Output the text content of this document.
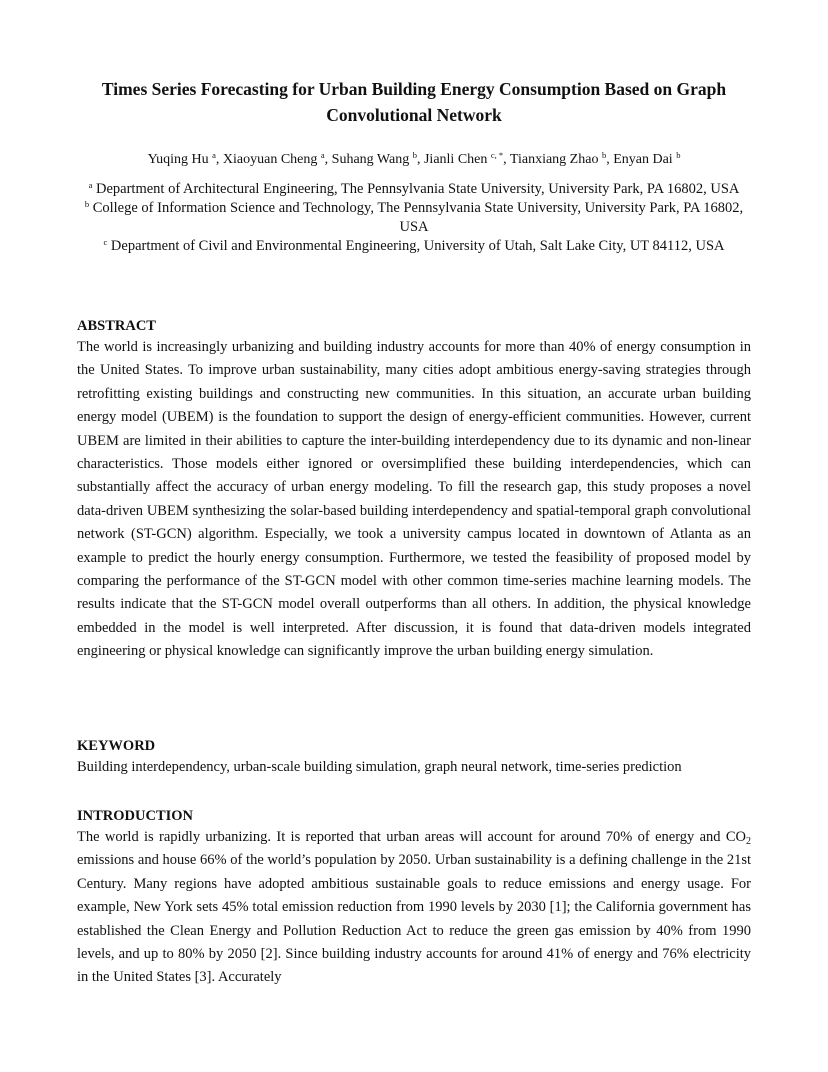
Times Series Forecasting for Urban Building Energy Consumption Based on Graph Convolutional Network
Yuqing Hu $^a$, Xiaoyuan Cheng $^a$, Suhang Wang $^b$, Jianli Chen $^{c, *}$, Tianxiang Zhao $^b$, Enyan Dai $^b$

$^a$ Department of Architectural Engineering, The Pennsylvania State University, University Park, PA 16802, USA

$^b$ College of Information Science and Technology, The Pennsylvania State University, University Park, PA 16802, USA

$^c$ Department of Civil and Environmental Engineering, University of Utah, Salt Lake City, UT 84112, USA

ABSTRACT

The world is increasingly urbanizing and building industry accounts for more than 40% of energy consumption in the United States. To improve urban sustainability, many cities adopt ambitious energy-saving strategies through retrofitting existing buildings and constructing new communities. In this situation, an accurate urban building energy model (UBEM) is the foundation to support the design of energy-efficient communities. However, current UBEM are limited in their abilities to capture the inter-building interdependency due to its dynamic and non-linear characteristics. Those models either ignored or oversimplified these building interdependencies, which can substantially affect the accuracy of urban energy modeling. To fill the research gap, this study proposes a novel data-driven UBEM synthesizing the solar-based building interdependency and spatial-temporal graph convolutional network (ST-GCN) algorithm. Especially, we took a university campus located in downtown of Atlanta as an example to predict the hourly energy consumption. Furthermore, we tested the feasibility of proposed model by comparing the performance of the ST-GCN model with other common time-series machine learning models. The results indicate that the ST-GCN model overall outperforms than all others. In addition, the physical knowledge embedded in the model is well interpreted. After discussion, it is found that data-driven models integrated engineering or physical knowledge can significantly improve the urban building energy simulation.

KEYWORD

Building interdependency, urban-scale building simulation, graph neural network, time-series prediction

INTRODUCTION

The world is rapidly urbanizing. It is reported that urban areas will account for around 70% of energy and $CO_2$ emissions and house 66% of the world’s population by 2050. Urban sustainability is a defining challenge in the 21st Century. Many regions have adopted ambitious sustainable goals to reduce emissions and energy usage. For example, New York sets 45% total emission reduction from 1990 levels by 2030 [1]; the California government has established the Clean Energy and Pollution Reduction Act to reduce the green gas emission by 40% from 1990 levels, and up to 80% by 2050 [2]. Since building industry accounts for around 41% of energy and 76% electricity in the United States [3]. Accurately
